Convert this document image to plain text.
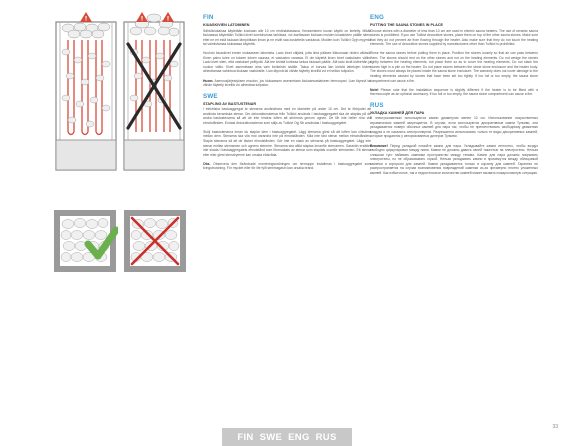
!	!	!	FIN
KIUASKIVIEN LATOMINEN

Sähkökiukaissa käytetään kookaan alle 10 cm ehdindatasassa. Keraamiseen kuvan käyttö on kieletty. Mikäli kiukaassa käytetään Tulikivi-kivet kombinoivaa tarkistaa, voi asettavaan kiukaan muiden kiuaskivien päälle siten, ettei ne eri estä kiukaan lämpötilaan ilman ja ne eivät saa kosketella vastuksia. Muiden kuin Tulikivi Oyjn myymiä tai valmistamaa kiukaassa käytettä.

Huuhdo kiuaskivet ennen kiukaaseen latomista. Lado kivet väljästi, jotta ilma pääsee liikkumaan niiden välissä. Kiven paino tulee on tukeen toinen saunaa, ei vastusten varassa. Ei ole käytetä kiven kivet vastuksien väliin. Lado kivet siten, että vastukset peittyvät. Älä tee kivistä korkeaa kekoa kiukaan päälle. Älä lado kiviä kivikehän ja ruukun väliin. Kivet asennetaan aina vain kivikehän sisälle. Takuu ei korvaa lian kivistä laitetujen kivien aiheuttamaa vahinkoa kiukaan vastuksille. Lian täynnä tai vähän täytetty kiveillä voi ei heikko tulipalon.

Huom. Asennusjärjestyksen mauton, jos kiukaassen asennetaan kiukaanvastaiseen termospari. Lian täynnä tai vähän täytetty kiveillä voi aiheuttaa tulipalon.

SWE
STAPLING AV BASTUSTENAR

I elektriska bastuaggregat är stenarna användbara med en diameter på under 10 cm. Det är förbjudet att använda keramiska stenar. Om dekorationsstenar från Tulikivi används i bastuaggregatet ska de staplas på de andra bastustenarna så att de inte hindrar luften att strömma genom ugnen. De får inte heller röra vid elmotstånden. Endast dekorationsstenar som säljs av Tulikivi Oyj får användas i bastuaggregatet.

Skölj bastustenarna innan du staplar dem i bastuaggregatet. Lägg stenarna glest så att luften kan cirkulera mellan dem. Stenarna ska vila mot varandra inte på elmotstånden. Kiila inte fast stenar mellan elmotstånden. Stapla stenarna så att de täcker elmotstånden. Gör inte en stack av stenarna på bastuaggregatet. Lägg inte stenar mellan stenramen och ugnens stenrme. Stenarna ska alltid staplas innanför stenramen. Garantin ersätter inte skada i bastuaggregatets elmotstånd som förorsakats av stenar som staplats ovanför stenramen. Ett stenar eller eller glest stenutrymme kan orsaka eldsvåda.

Obs. Observera den förändrade monteringsordningen om termoppe installeras i bastuaggregatet som kringutrustning. För mycket eller för lite fyllt stenmagasin kan orsaka brand.

ENG
PUTTING THE SAUNA STONES IN PLACE

Choose stones with a diameter of less than 10 cm are used in electric sauna heaters. The use of ceramic sauna stones is prohibited. If you use Tulikivi decorative stones, place them on top of the other sauna stones. Make sure that they do not prevent air from flowing through the heater. Also make sure that they do not touch the heating elements. The use of decorative stones supplied by manufacturers other than Tulikivi is prohibited.

Rinse the sauna stones before putting them in place. Position the stones loosely so that air can pass between them. The stones should rest on the other stones and not on the heating elements. Do not wedge the stones tightly between the heating elements, but place them so as to cover the heating elements. Do not stack the stones high in a pile on the heater. Do not place stones between the stone stone enclosure and the heater body. The stones must always be placed inside the sauna stone enclosure. The warranty does not cover damage to the heating elements caused by stones that have been set too tightly. If too full or too empty, the sauna stone compartment can cause a fire.

Note! Please note that the installation sequence is slightly different if the heater is to be fitted with a thermocouple as an optional accessory. If too full or too empty, the sauna stone compartment can cause a fire.

RUS
УКЛАДКА КАМНЕЙ ДЛЯ ПАРА

В электрокаменках используются камни диаметром менее 10 см. Использование искусственных керамических камней запрещается. В случае, если используются декоративные камни Тулкиви, они укладываются поверх обычных камней для пара так, чтобы не препятствовать свободному движению воздуха и не касались электроэнергии. Разрешается использовать только те виды декоративных камней, которые продаются у авторизованных дилеров Тулкиви.

Внимание! Перед укладкой помойте камни для пара. Укладывайте камни неплотно, чтобы воздух свободно циркулировал между ними. Камни не должны давить своей тяжестью на электротэны. Нельзя слишком туго набивать камнями пространство между тэнами. Камни для пара должны покрывать электротэны, но не образовывать горкой. Нельзя укладывать камни в промежуток между облицовкой каменки и корпусом для камней. Камни укладываются только в корзину для камней. Гарантия не распространяется на случаи возникновения повреждений каменки из-за чрезмерно плотно уложенных камней. Как избыточное, так и недостаточное количество камней может вызвать пожароопасную ситуацию.

FIN SWE ENG RUS
33
